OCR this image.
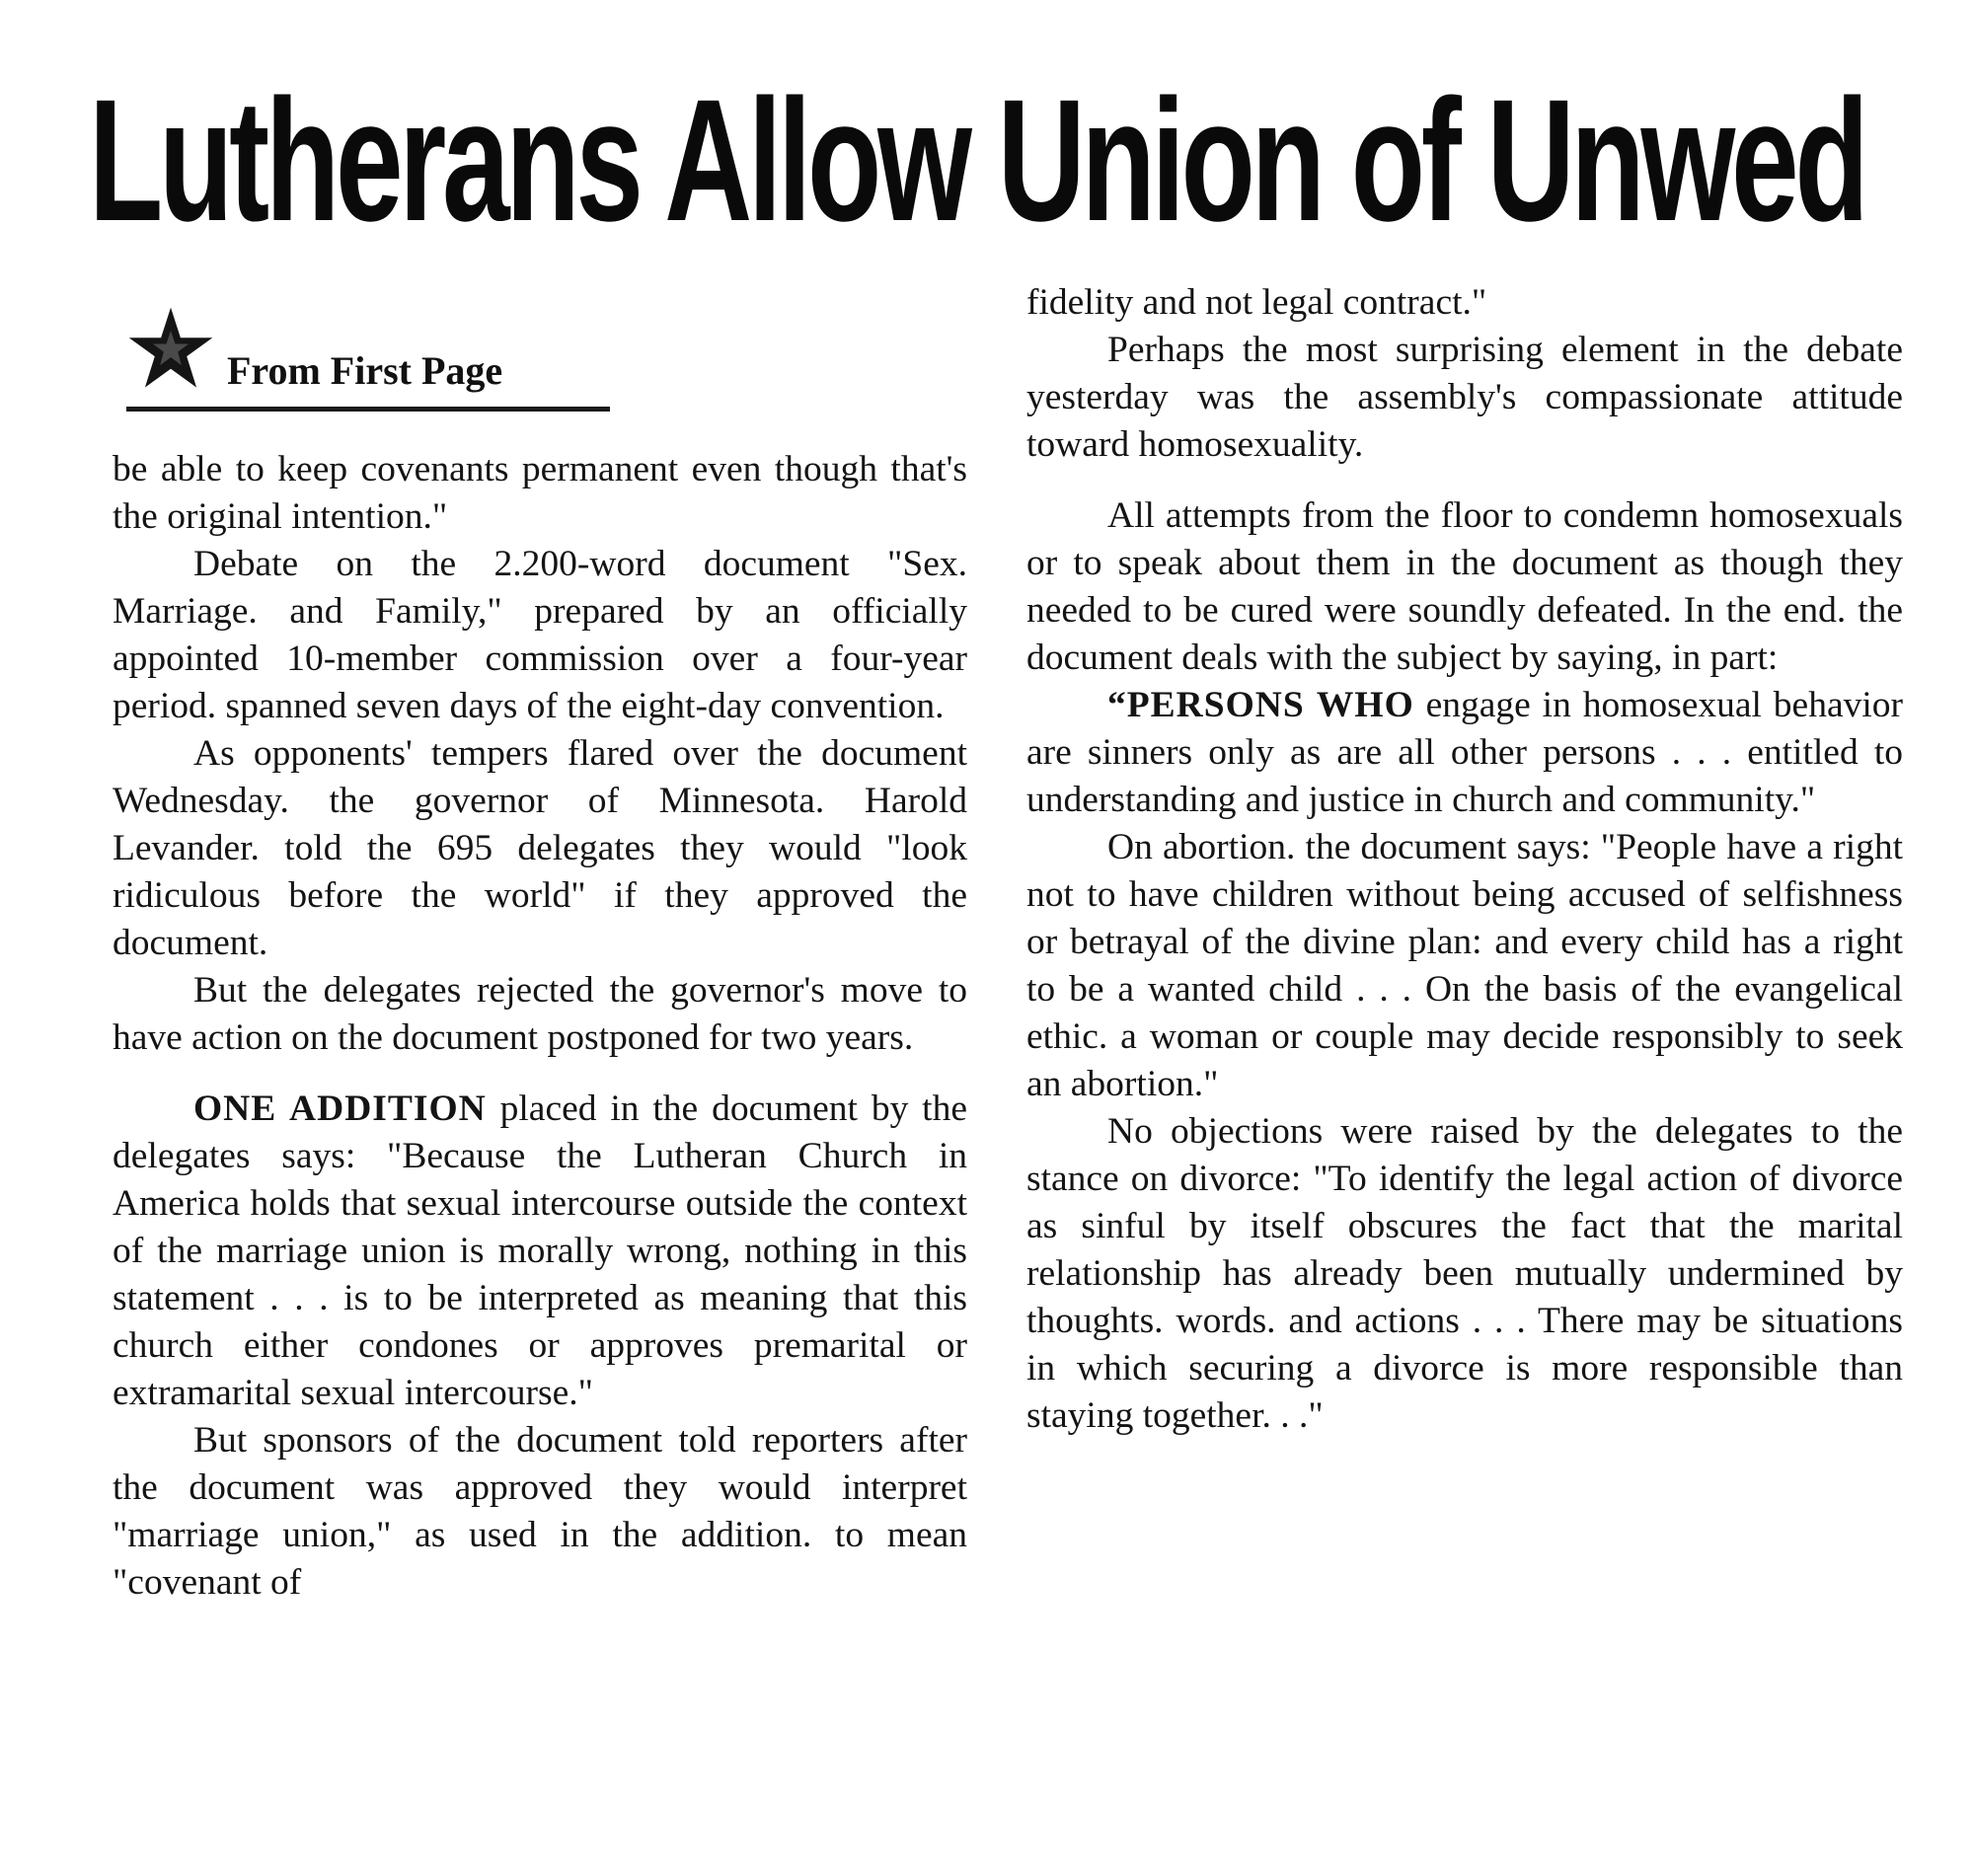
Lutherans Allow Union of Unwed
From First Page

be able to keep covenants permanent even though that's the original intention."

Debate on the 2.200-word document "Sex. Marriage. and Family," prepared by an officially appointed 10-member commission over a four-year period. spanned seven days of the eight-day convention.

As opponents' tempers flared over the document Wednesday. the governor of Minnesota. Harold Levander. told the 695 delegates they would "look ridiculous before the world" if they approved the document.

But the delegates rejected the governor's move to have action on the document postponed for two years.

ONE ADDITION placed in the document by the delegates says: "Because the Lutheran Church in America holds that sexual intercourse outside the context of the marriage union is morally wrong, nothing in this statement . . . is to be interpreted as meaning that this church either condones or approves premarital or extramarital sexual intercourse."

But sponsors of the document told reporters after the document was approved they would interpret "marriage union," as used in the addition. to mean "covenant of

fidelity and not legal contract."

Perhaps the most surprising element in the debate yesterday was the assembly's compassionate attitude toward homosexuality.

All attempts from the floor to condemn homosexuals or to speak about them in the document as though they needed to be cured were soundly defeated. In the end. the document deals with the subject by saying, in part:

“PERSONS WHO engage in homosexual behavior are sinners only as are all other persons . . . entitled to understanding and justice in church and community."

On abortion. the document says: "People have a right not to have children without being accused of selfishness or betrayal of the divine plan: and every child has a right to be a wanted child . . . On the basis of the evangelical ethic. a woman or couple may decide responsibly to seek an abortion."

No objections were raised by the delegates to the stance on divorce: "To identify the legal action of divorce as sinful by itself obscures the fact that the marital relationship has already been mutually undermined by thoughts. words. and actions . . . There may be situations in which securing a divorce is more responsible than staying together. . ."
